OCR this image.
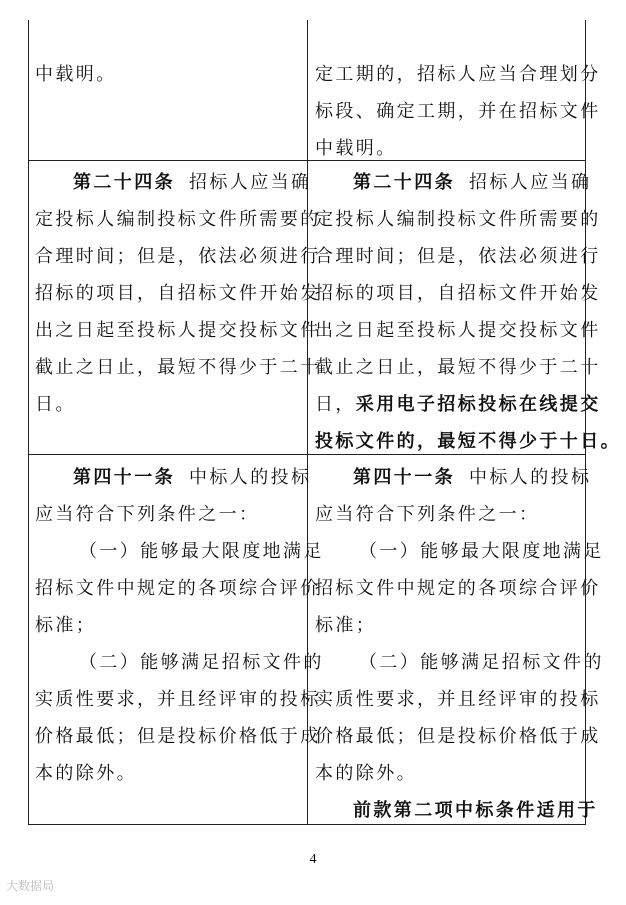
中载明。	定工期的，招标人应当合理划分
标段、确定工期，并在招标文件
中载明。
第二十四条 招标人应当确
定投标人编制投标文件所需要的
合理时间；但是，依法必须进行
招标的项目，自招标文件开始发
出之日起至投标人提交投标文件
截止之日止，最短不得少于二十
日。
第二十四条 招标人应当确
定投标人编制投标文件所需要的
合理时间；但是，依法必须进行
招标的项目，自招标文件开始发
出之日起至投标人提交投标文件
截止之日止，最短不得少于二十
日，采用电子招标投标在线提交
投标文件的，最短不得少于十日。
第四十一条 中标人的投标
应当符合下列条件之一：
（一）能够最大限度地满足
招标文件中规定的各项综合评价
标准；
（二）能够满足招标文件的
实质性要求，并且经评审的投标
价格最低；但是投标价格低于成
本的除外。
第四十一条 中标人的投标
应当符合下列条件之一：
（一）能够最大限度地满足
招标文件中规定的各项综合评价
标准；
（二）能够满足招标文件的
实质性要求，并且经评审的投标
价格最低；但是投标价格低于成
本的除外。
前款第二项中标条件适用于
4
大数据局
